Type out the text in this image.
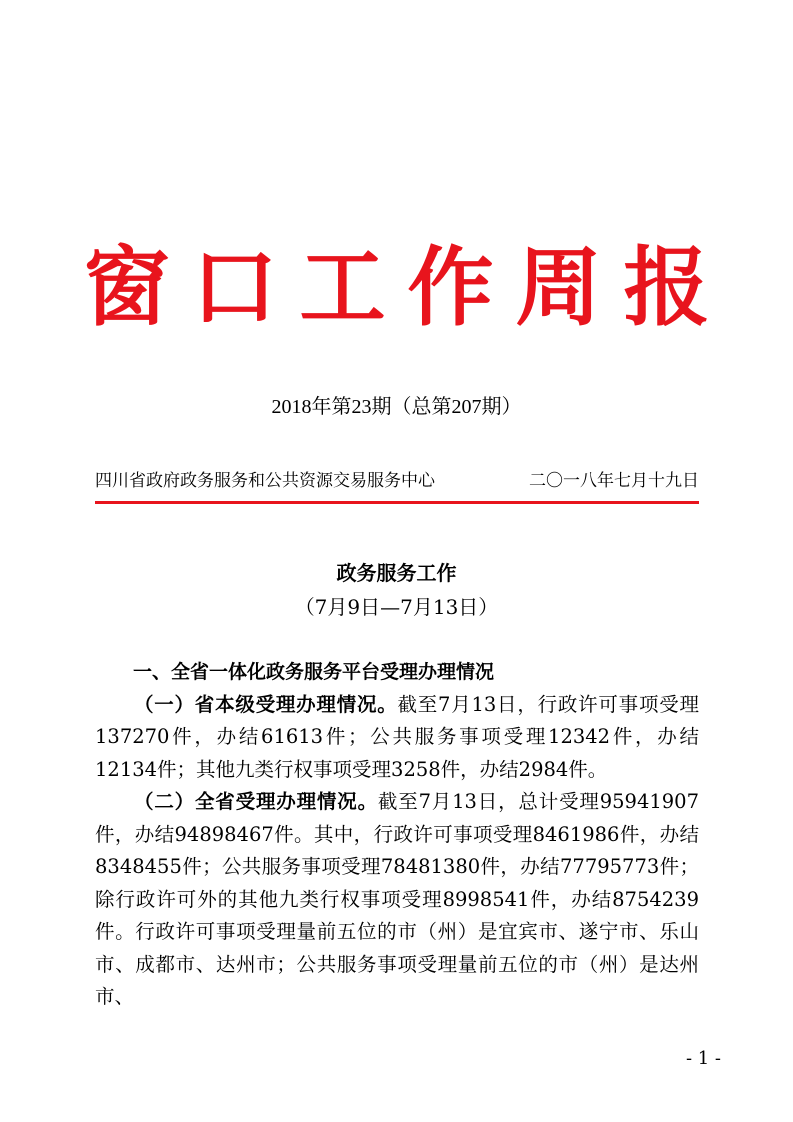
窗口工作周报
2018年第23期（总第207期）
四川省政府政务服务和公共资源交易服务中心	二〇一八年七月十九日
政务服务工作
（7月9日—7月13日）

一、全省一体化政务服务平台受理办理情况

（一）省本级受理办理情况。截至7月13日，行政许可事项受理137270件，办结61613件；公共服务事项受理12342件，办结12134件；其他九类行权事项受理3258件，办结2984件。

（二）全省受理办理情况。截至7月13日，总计受理95941907件，办结94898467件。其中，行政许可事项受理8461986件，办结8348455件；公共服务事项受理78481380件，办结77795773件；除行政许可外的其他九类行权事项受理8998541件，办结8754239件。行政许可事项受理量前五位的市（州）是宜宾市、遂宁市、乐山市、成都市、达州市；公共服务事项受理量前五位的市（州）是达州市、

- 1 -
